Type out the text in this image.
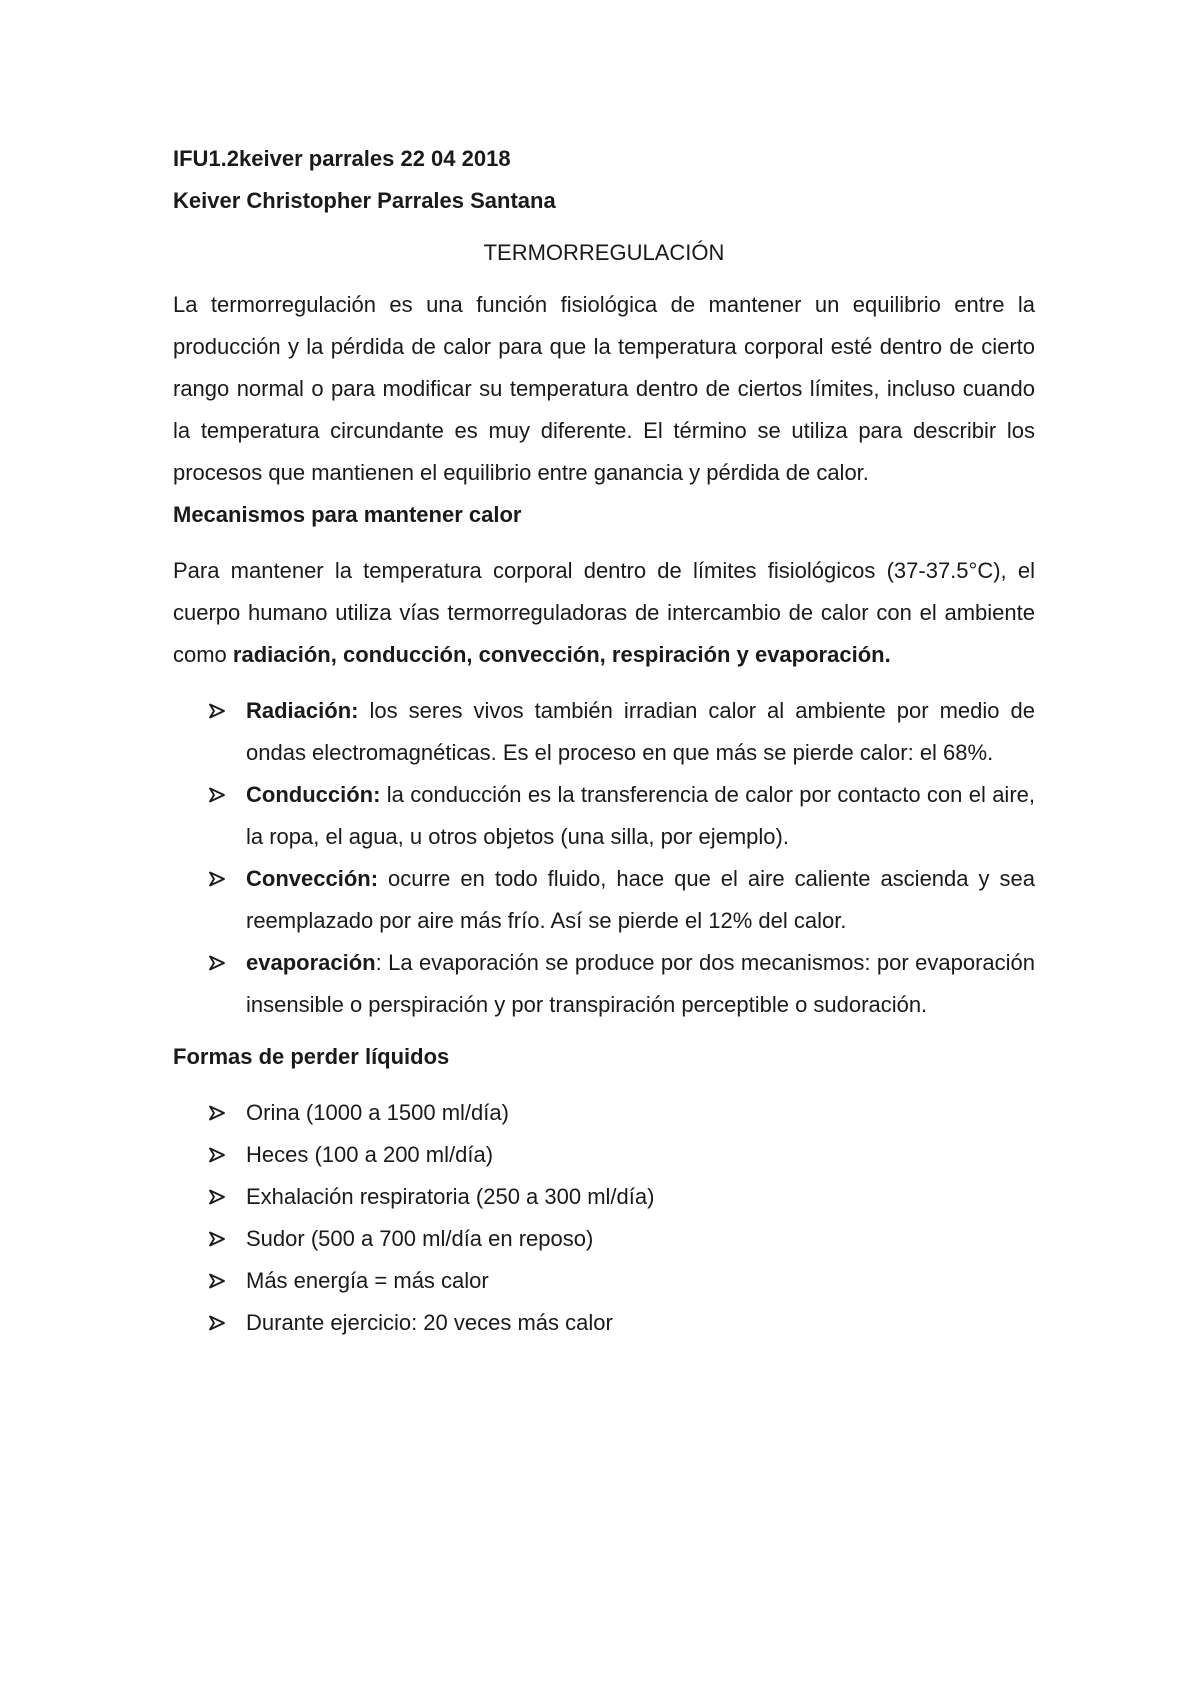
IFU1.2keiver parrales 22 04 2018

Keiver Christopher Parrales Santana

TERMORREGULACIÓN

La termorregulación es una función fisiológica de mantener un equilibrio entre la producción y la pérdida de calor para que la temperatura corporal esté dentro de cierto rango normal o para modificar su temperatura dentro de ciertos límites, incluso cuando la temperatura circundante es muy diferente. El término se utiliza para describir los procesos que mantienen el equilibrio entre ganancia y pérdida de calor.

Mecanismos para mantener calor

Para mantener la temperatura corporal dentro de límites fisiológicos (37-37.5°C), el cuerpo humano utiliza vías termorreguladoras de intercambio de calor con el ambiente como radiación, conducción, convección, respiración y evaporación.

Radiación: los seres vivos también irradian calor al ambiente por medio de ondas electromagnéticas. Es el proceso en que más se pierde calor: el 68%.
Conducción: la conducción es la transferencia de calor por contacto con el aire, la ropa, el agua, u otros objetos (una silla, por ejemplo).
Convección: ocurre en todo fluido, hace que el aire caliente ascienda y sea reemplazado por aire más frío. Así se pierde el 12% del calor.
evaporación: La evaporación se produce por dos mecanismos: por evaporación insensible o perspiración y por transpiración perceptible o sudoración.

Formas de perder líquidos

Orina (1000 a 1500 ml/día)
Heces (100 a 200 ml/día)
Exhalación respiratoria (250 a 300 ml/día)
Sudor (500 a 700 ml/día en reposo)
Más energía = más calor
Durante ejercicio: 20 veces más calor
